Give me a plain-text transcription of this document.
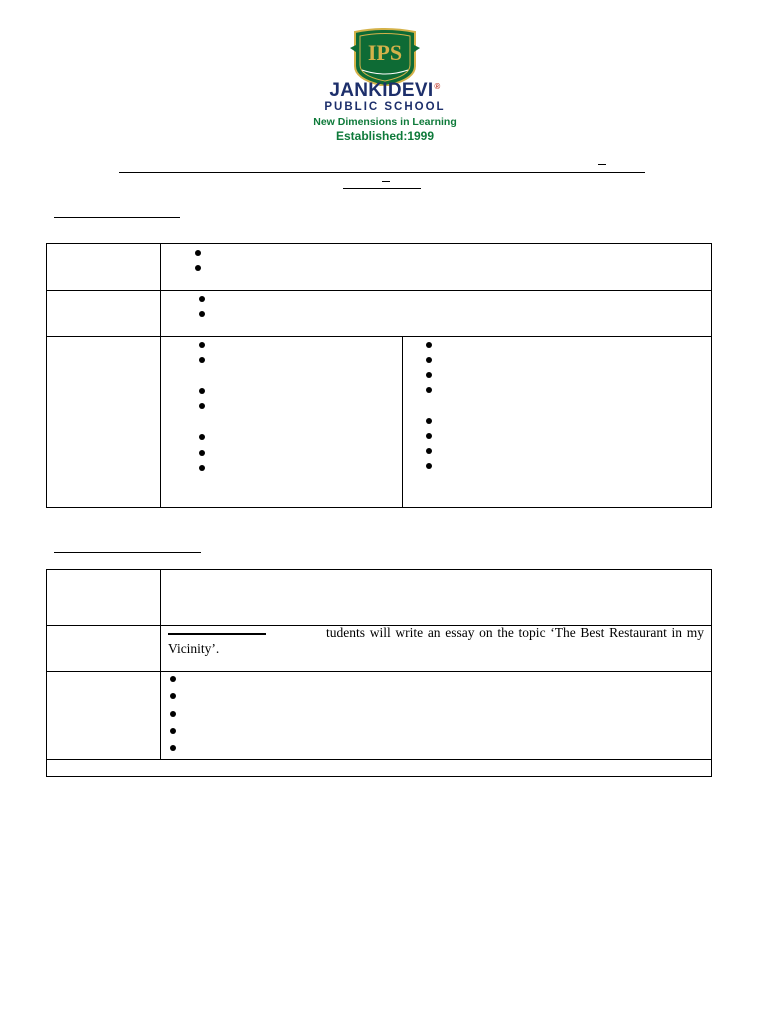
IPS
JANKIDEVI®
PUBLIC SCHOOL
New Dimensions in Learning
Established:1999

tudents will write an essay on the topic ‘The Best Restaurant in my Vicinity’.
